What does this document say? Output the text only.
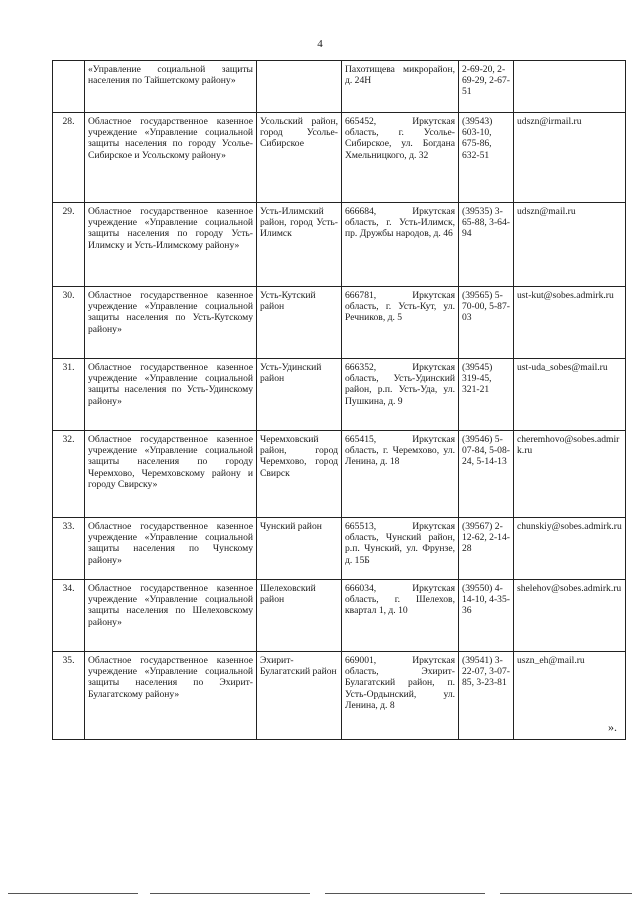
4
	«Управление социальной защиты населения по Тайшетскому району»		Пахотищева микрорайон, д. 24Н	2-69-20, 2-69-29, 2-67-51	
28.	Областное государственное казенное учреждение «Управление социальной защиты населения по городу Усолье-Сибирское и Усольскому району»	Усольский район, город Усолье-Сибирское	665452, Иркутская область, г. Усолье-Сибирское, ул. Богдана Хмельницкого, д. 32	(39543) 603-10, 675-86, 632-51	udszn@irmail.ru
29.	Областное государственное казенное учреждение «Управление социальной защиты населения по городу Усть-Илимску и Усть-Илимскому району»	Усть-Илимский район, город Усть-Илимск	666684, Иркутская область, г. Усть-Илимск, пр. Дружбы народов, д. 46	(39535) 3-65-88, 3-64-94	udszn@mail.ru
30.	Областное государственное казенное учреждение «Управление социальной защиты населения по Усть-Кутскому району»	Усть-Кутский район	666781, Иркутская область, г. Усть-Кут, ул. Речников, д. 5	(39565) 5-70-00, 5-87-03	ust-kut@sobes.admirk.ru
31.	Областное государственное казенное учреждение «Управление социальной защиты населения по Усть-Удинскому району»	Усть-Удинский район	666352, Иркутская область, Усть-Удинский район, р.п. Усть-Уда, ул. Пушкина, д. 9	(39545) 319-45, 321-21	ust-uda_sobes@mail.ru
32.	Областное государственное казенное учреждение «Управление социальной защиты населения по городу Черемхово, Черемховскому району и городу Свирску»	Черемховский район, город Черемхово, город Свирск	665415, Иркутская область, г. Черемхово, ул. Ленина, д. 18	(39546) 5-07-84, 5-08-24, 5-14-13	cheremhovo@sobes.admirk.ru
33.	Областное государственное казенное учреждение «Управление социальной защиты населения по Чунскому району»	Чунский район	665513, Иркутская область, Чунский район, р.п. Чунский, ул. Фрунзе, д. 15Б	(39567) 2-12-62, 2-14-28	chunskiy@sobes.admirk.ru
34.	Областное государственное казенное учреждение «Управление социальной защиты населения по Шелеховскому району»	Шелеховский район	666034, Иркутская область, г. Шелехов, квартал 1, д. 10	(39550) 4-14-10, 4-35-36	shelehov@sobes.admirk.ru
35.	Областное государственное казенное учреждение «Управление социальной защиты населения по Эхирит-Булагатскому району»	Эхирит-Булагатский район	669001, Иркутская область, Эхирит-Булагатский район, п. Усть-Ордынский, ул. Ленина, д. 8	(39541) 3-22-07, 3-07-85, 3-23-81	uszn_eh@mail.ru
».
